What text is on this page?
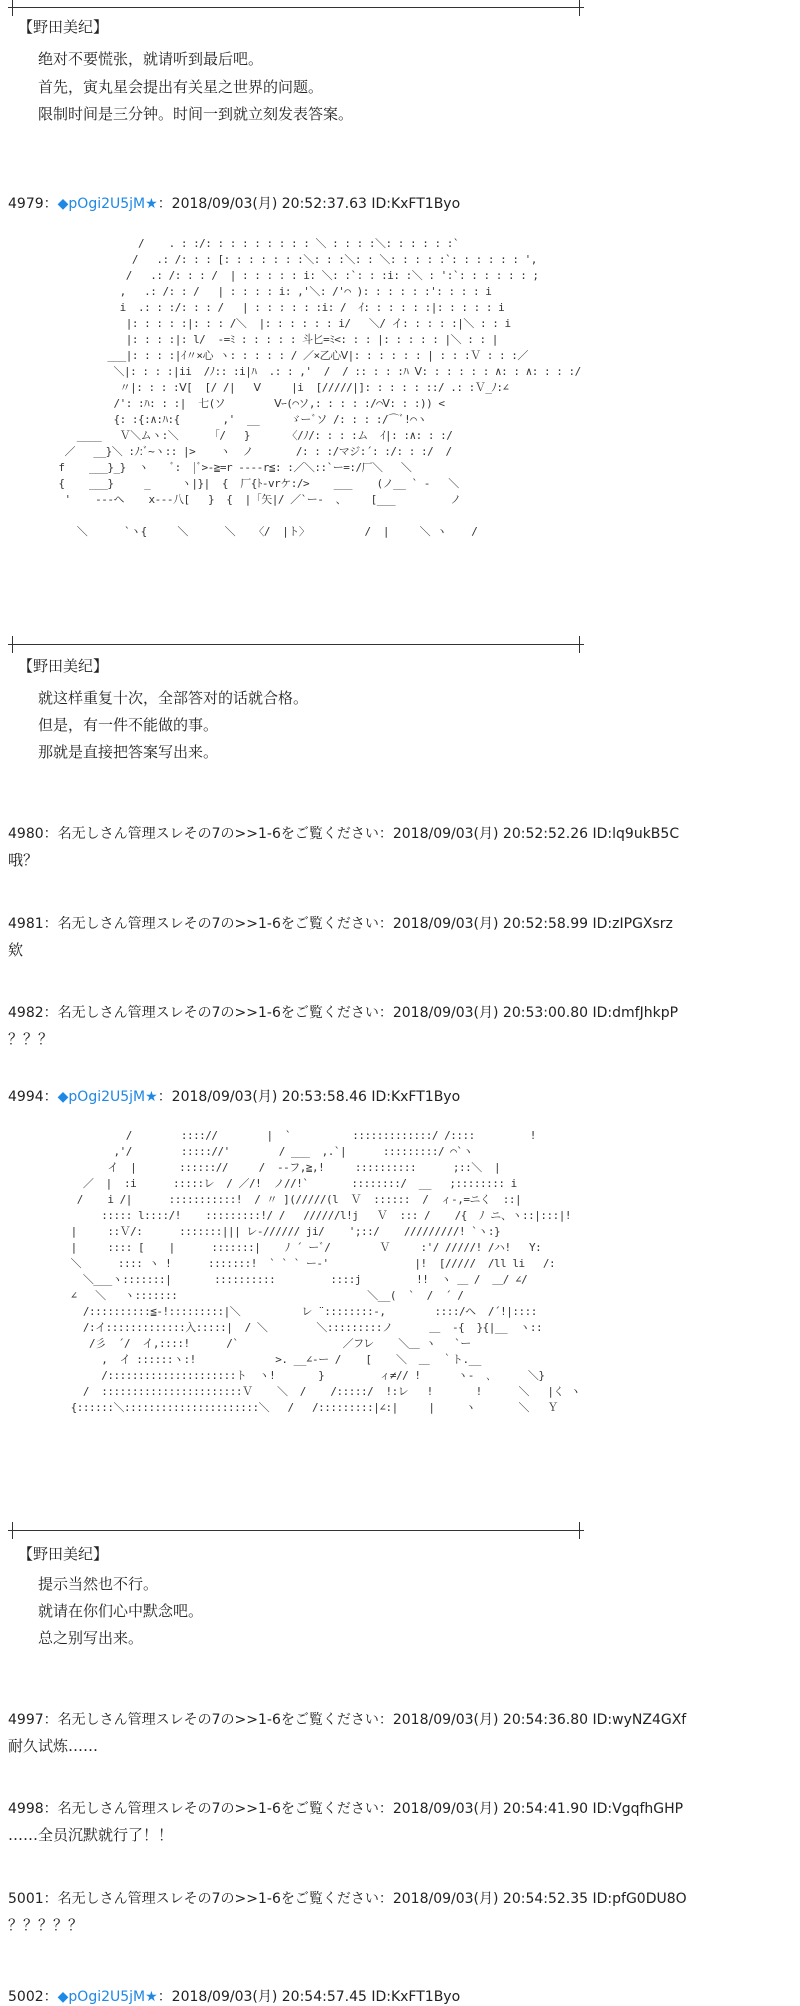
【野田美纪】
绝对不要慌张，就请听到最后吧。
首先，寅丸星会提出有关星之世界的问题。
限制时间是三分钟。时间一到就立刻发表答案。
4979：◆pOgi2U5jM★：2018/09/03(月) 20:52:37.63 ID:KxFT1Byo
/    . : :/: : : : : : : : : ＼ : : : :＼: : : : : :`
/   .: /: : : [: : : : : : :＼: : :＼: : ＼: : : : :`: : : : : : ',
/   .: /: : : /  | : : : : : i: ＼: :`: : :i: :＼ : ':`: : : : : : ;
,   .: /: : /   | : : : : i: ,'＼: /'⌒ ): : : : : :': : : : i
i  .: : :/: : : /   | : : : : : :i: /  ｲ: : : : : :|: : : : : i
|: : : : :|: : : /＼  |: : : : : : i/   ＼/ イ: : : : :|＼ : : i
|: : : :|: l/  -=ﾐ : : : : : 斗匕=ﾐ<: : : |: : : : : |＼ : : |
___|: : : :|ｲ〃×心 ヽ: : : : : / ／×乙心Ⅴ|: : : : : : | : : :Ｖ : : :／
＼|: : : :|ii  /ﾉ:: :i|ﾊ  .: : ,'  /  / :: : : :ﾊ Ⅴ: : : : : : ∧: : ∧: : : :/
〃|: : : :Ⅴ[  [/ /|   Ⅴ     |i  [/////|]: : : : : ::/ .: :Ｖ_ﾉ:∠
/': :ﾊ: : :|  七(ソ        Ⅴｰ(⌒ソ,: : : : :/⌒Ⅴ: : :)) <
{: :{:∧:ﾊ:{       ,'  __     ゞーﾞソ /: : : :/⌒ﾞ!⌒ヽ
____   Ｖ＼ムヽ:＼     「/   }      〈/ﾉ/: : : :ム  ｲ|: :∧: : :/
／   __}＼ :ﾉ:ﾞ~ヽ:: |>    ヽ  ノ       /: : :/マジ:´: :/: : :/  /
f    ___}_}  ヽ    ﾞ:  |ﾞ>-≧=r ----r≦: :／＼::`ー=:/厂＼   ＼
{    ___}     _     ヽ|}|  {  厂{ﾄ-vrケ:/>    ___    (ノ__ ` -   ＼
'    ---ヘ    x---八[   }  {  |「矢|/ ／`ー-  、    [___         ノ

＼      `ヽ{     ＼      ＼   〈/  |ト〉         /  |     ＼ ヽ    /
【野田美纪】
就这样重复十次，全部答对的话就合格。
但是，有一件不能做的事。
那就是直接把答案写出来。
4980：名无しさん管理スレその7の>>1-6をご覧ください：2018/09/03(月) 20:52:52.26 ID:lq9ukB5C
哦？
4981：名无しさん管理スレその7の>>1-6をご覧ください：2018/09/03(月) 20:52:58.99 ID:zIPGXsrz
欸
4982：名无しさん管理スレその7の>>1-6をご覧ください：2018/09/03(月) 20:53:00.80 ID:dmfJhkpP
？？？
4994：◆pOgi2U5jM★：2018/09/03(月) 20:53:58.46 ID:KxFT1Byo
/        :::://        |  `          :::::::::::::/ /::::         !
,'/        ::::://'        / ___  ,.`|      :::::::::/ ⌒`ヽ
イ  |       :::::://     /  ‐‐フ,≧,!     ::::::::::      ;::＼  |
／  |  :i      :::::レ  / ／/!  ノ//!`       ::::::::/  __   ;:::::::: i
/    i /|      :::::::::::!  / 〃 ](/////(l  Ｖ  ::::::  /  ィ-,=ニく  ::|
::::: l::::/!    :::::::::!/ /   //////l!j   Ｖ  ::: /    /{  ﾉ ニ、ヽ::|:::|!
|     ::Ｖ/:      :::::::||| レ-////// ji/    ';::/    /////////! `ヽ:}
|     :::: [    |      :::::::|    ﾉ ´ ーﾞ/        Ｖ     :'/ /////! /ハ!   Y:
＼      :::: ヽ !      :::::::!  ` ` ` ー‐'              |!  [/////  /ll li   /:
＼___ヽ:::::::|       ::::::::::         ::::j         !!  ヽ ＿ /  ＿/ ∠/
∠   ＼   ヽ:::::::                               ＼__(  `  /  ´ /
/::::::::::≦-!:::::::::|＼          レ ¨::::::::-,        ::::/ヘ  /´!|::::
/:イ:::::::::::::入:::::|  / ＼        ＼:::::::::ノ      ＿  -{  }{|__  ヽ::
/彡  ´/  イ,::::!      /`                 ／フレ    ＼＿ ヽ   `ー
,  イ ::::::ヽ:!             >. __∠‐ー /    [    ＼  ＿  ｀ト.__
/:::::::::::::::::::::ト  ヽ!       }         ィ≠// !      ヽ-  ､      ＼}
/  :::::::::::::::::::::::Ｖ    ＼  /    /:::::/  !:レ   !       !      ＼   |く ヽ
{::::::＼::::::::::::::::::::::＼   /   /:::::::::|∠:|     |     ヽ       ＼   Ｙ
【野田美纪】
提示当然也不行。
就请在你们心中默念吧。
总之别写出来。
4997：名无しさん管理スレその7の>>1-6をご覧ください：2018/09/03(月) 20:54:36.80 ID:wyNZ4GXf
耐久试炼……
4998：名无しさん管理スレその7の>>1-6をご覧ください：2018/09/03(月) 20:54:41.90 ID:VgqfhGHP
……全员沉默就行了！！
5001：名无しさん管理スレその7の>>1-6をご覧ください：2018/09/03(月) 20:54:52.35 ID:pfG0DU8O
？？？？？
5002：◆pOgi2U5jM★：2018/09/03(月) 20:54:57.45 ID:KxFT1Byo
